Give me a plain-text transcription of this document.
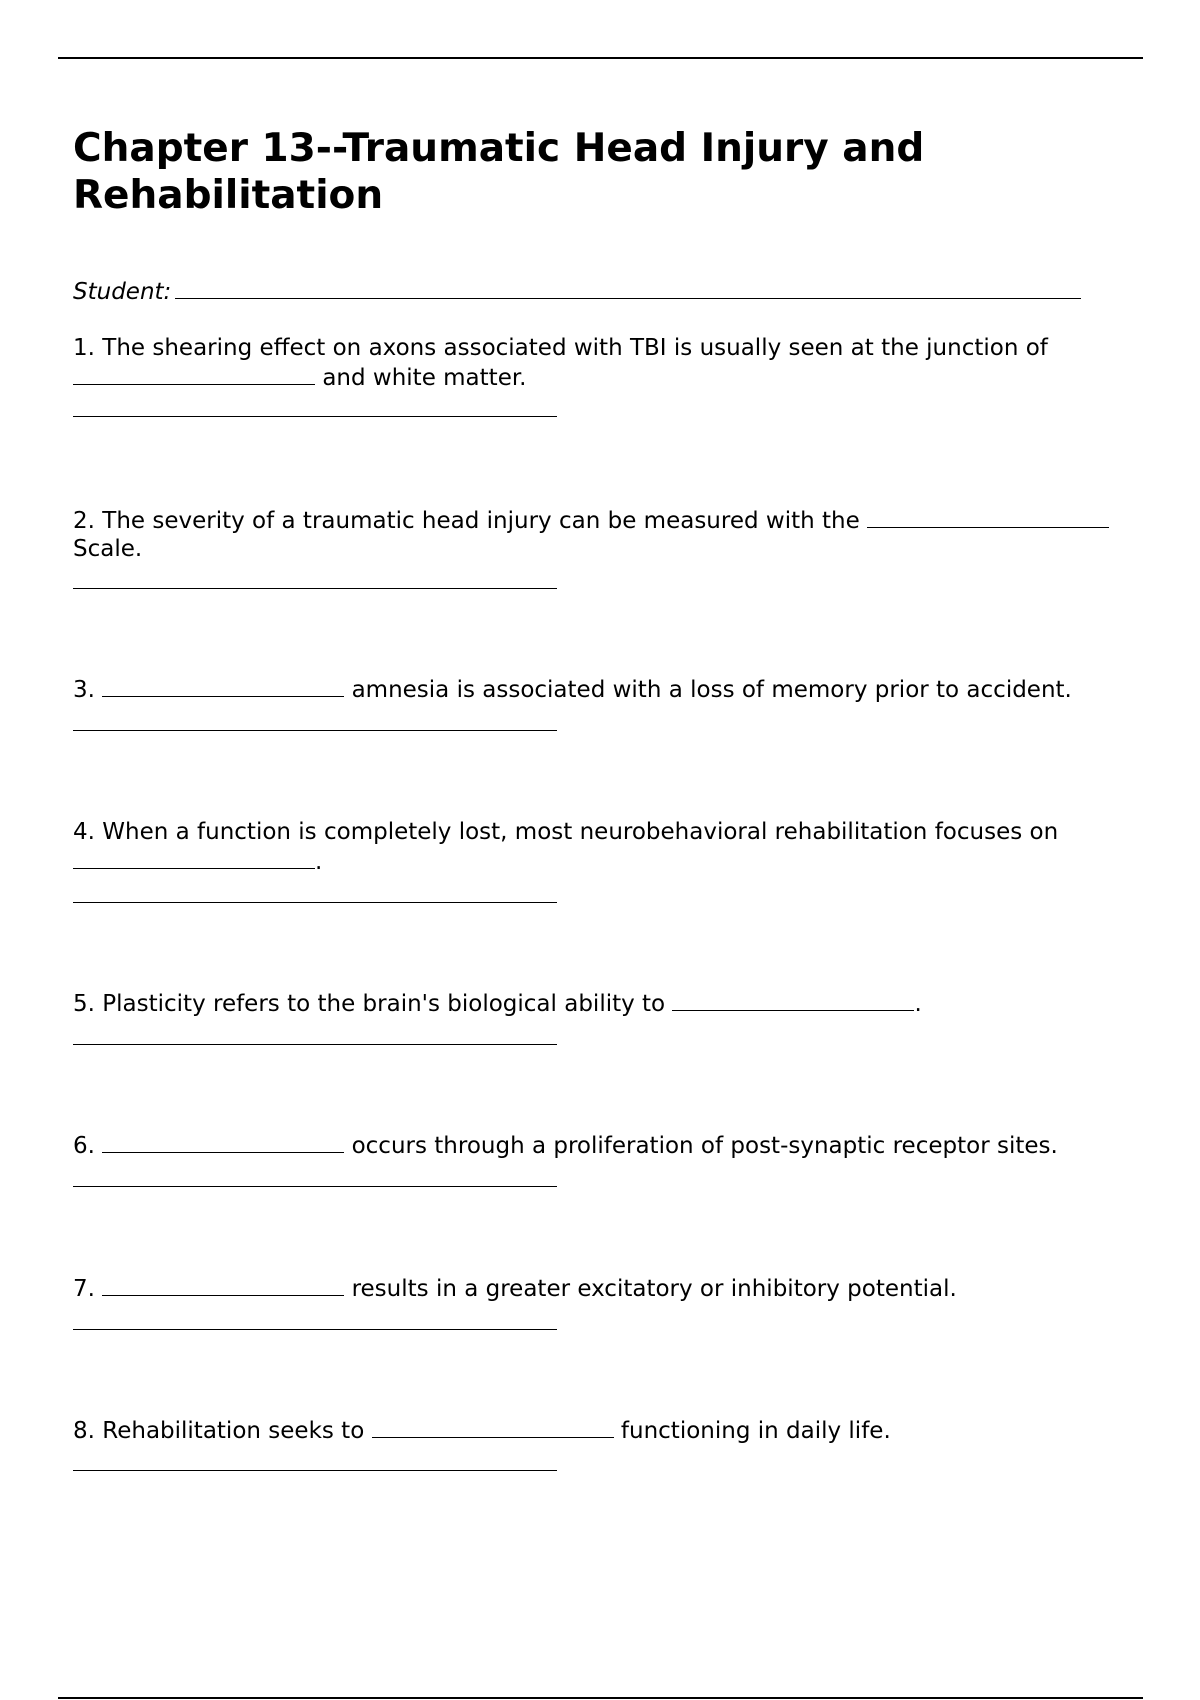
Chapter 13--Traumatic Head Injury and Rehabilitation
Student:
1. The shearing effect on axons associated with TBI is usually seen at the junction of
and white matter.
2. The severity of a traumatic head injury can be measured with the
Scale.
3.	amnesia is associated with a loss of memory prior to accident.
4. When a function is completely lost, most neurobehavioral rehabilitation focuses on
.
5. Plasticity refers to the brain's biological ability to	.
6.	occurs through a proliferation of post-synaptic receptor sites.
7.	results in a greater excitatory or inhibitory potential.
8. Rehabilitation seeks to	functioning in daily life.
